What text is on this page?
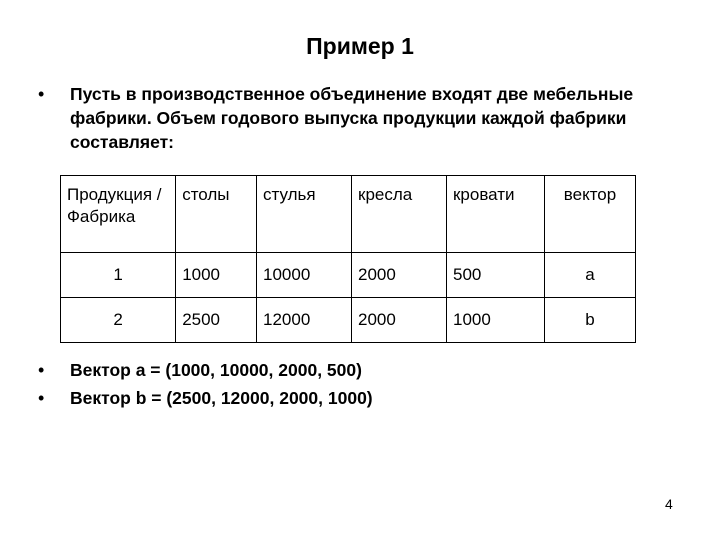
Пример 1
•	Пусть в производственное объединение входят две мебельные фабрики. Объем годового выпуска продукции каждой фабрики составляет:
Продукция /Фабрика	столы	стулья	кресла	кровати	вектор
1	1000	10000	2000	500	a
2	2500	12000	2000	1000	b
•	Вектор a = (1000, 10000, 2000, 500)
•	Вектор b = (2500, 12000, 2000, 1000)
4
